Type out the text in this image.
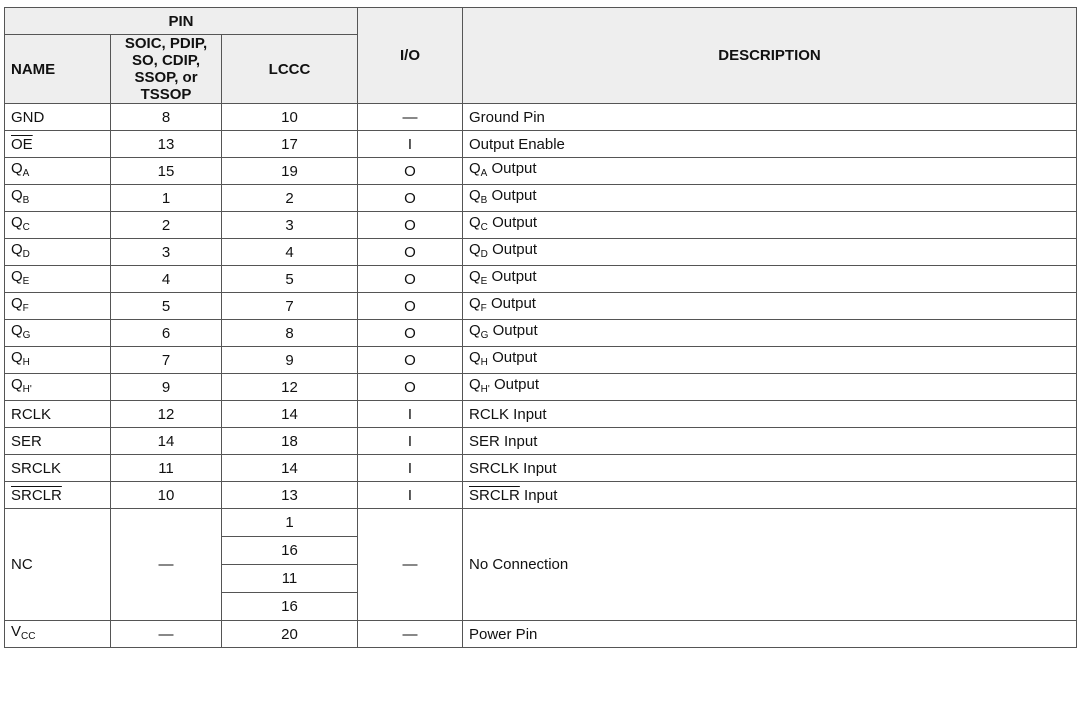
PIN			I/O	DESCRIPTION
NAME	SOIC, PDIP, SO, CDIP, SSOP, or TSSOP	LCCC		
GND	8	10	—	Ground Pin
$\overline{OE}$	13	17	I	Output Enable
$Q_A$	15	19	O	$Q_A$ Output
$Q_B$	1	2	O	$Q_B$ Output
$Q_C$	2	3	O	$Q_C$ Output
$Q_D$	3	4	O	$Q_D$ Output
$Q_E$	4	5	O	$Q_E$ Output
$Q_F$	5	7	O	$Q_F$ Output
$Q_G$	6	8	O	$Q_G$ Output
$Q_H$	7	9	O	$Q_H$ Output
$Q_{H'}$	9	12	O	$Q_{H'}$ Output
RCLK	12	14	I	RCLK Input
SER	14	18	I	SER Input
SRCLK	11	14	I	SRCLK Input
SRCLR	10	13	I	SRCLR Input
NC	—	1	—	No Connection
		16		
		11		
		16		
$V_{CC}$	—	20	—	Power Pin
